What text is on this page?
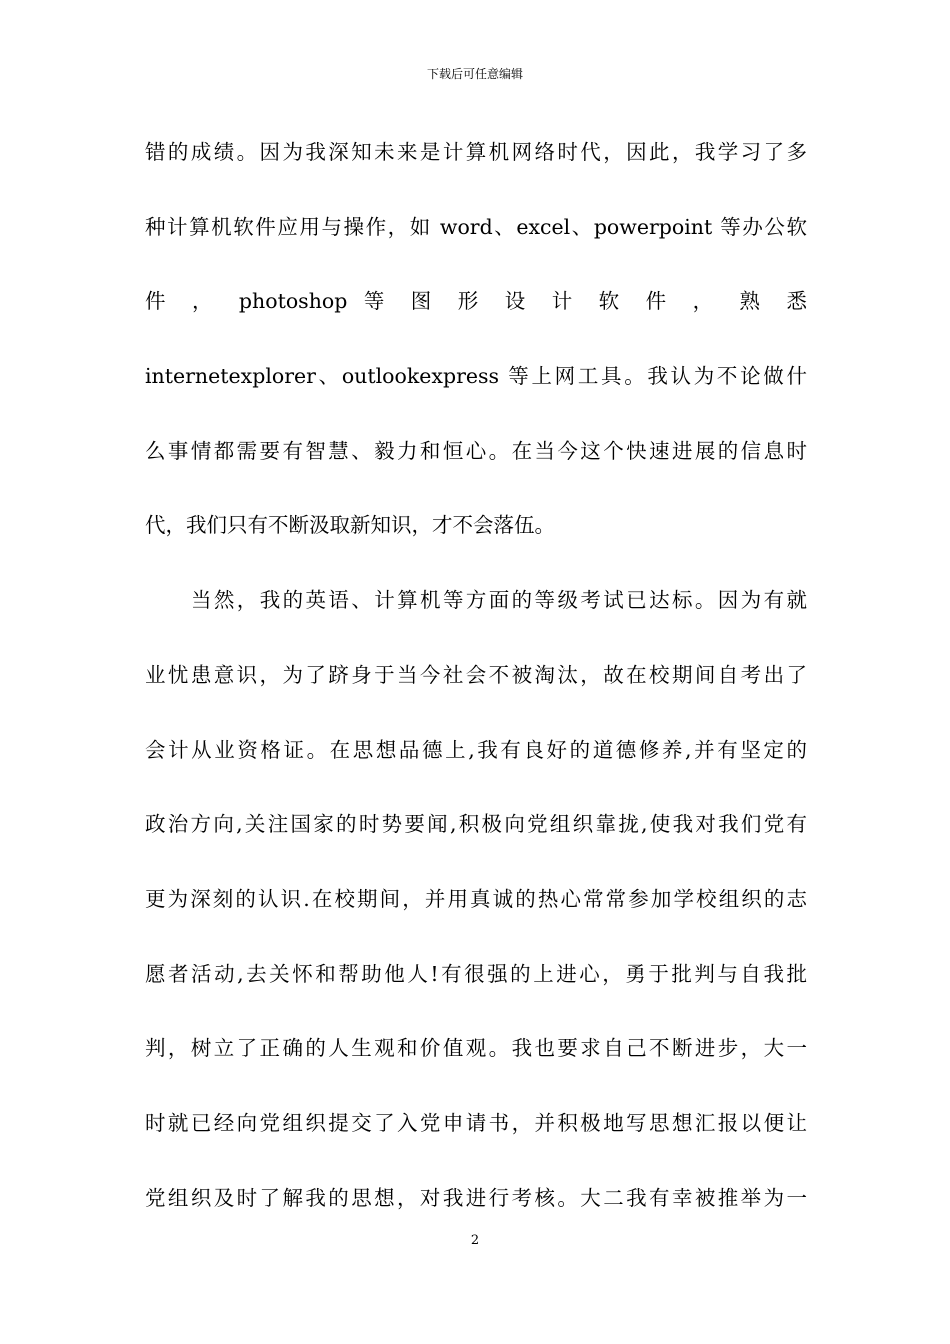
下载后可任意编辑
错的成绩。因为我深知未来是计算机网络时代，因此，我学习了多
种计算机软件应用与操作，如 word、excel、powerpoint 等办公软
件 ， photoshop 等 图 形 设 计 软 件 ， 熟 悉
internetexplorer、outlookexpress 等上网工具。我认为不论做什
么事情都需要有智慧、毅力和恒心。在当今这个快速进展的信息时
代，我们只有不断汲取新知识，才不会落伍。
当然，我的英语、计算机等方面的等级考试已达标。因为有就
业忧患意识，为了跻身于当今社会不被淘汰，故在校期间自考出了
会计从业资格证。在思想品德上,我有良好的道德修养,并有坚定的
政治方向,关注国家的时势要闻,积极向党组织靠拢,使我对我们党有
更为深刻的认识.在校期间，并用真诚的热心常常参加学校组织的志
愿者活动,去关怀和帮助他人!有很强的上进心，勇于批判与自我批
判，树立了正确的人生观和价值观。我也要求自己不断进步，大一
时就已经向党组织提交了入党申请书，并积极地写思想汇报以便让
党组织及时了解我的思想，对我进行考核。大二我有幸被推举为一
2
